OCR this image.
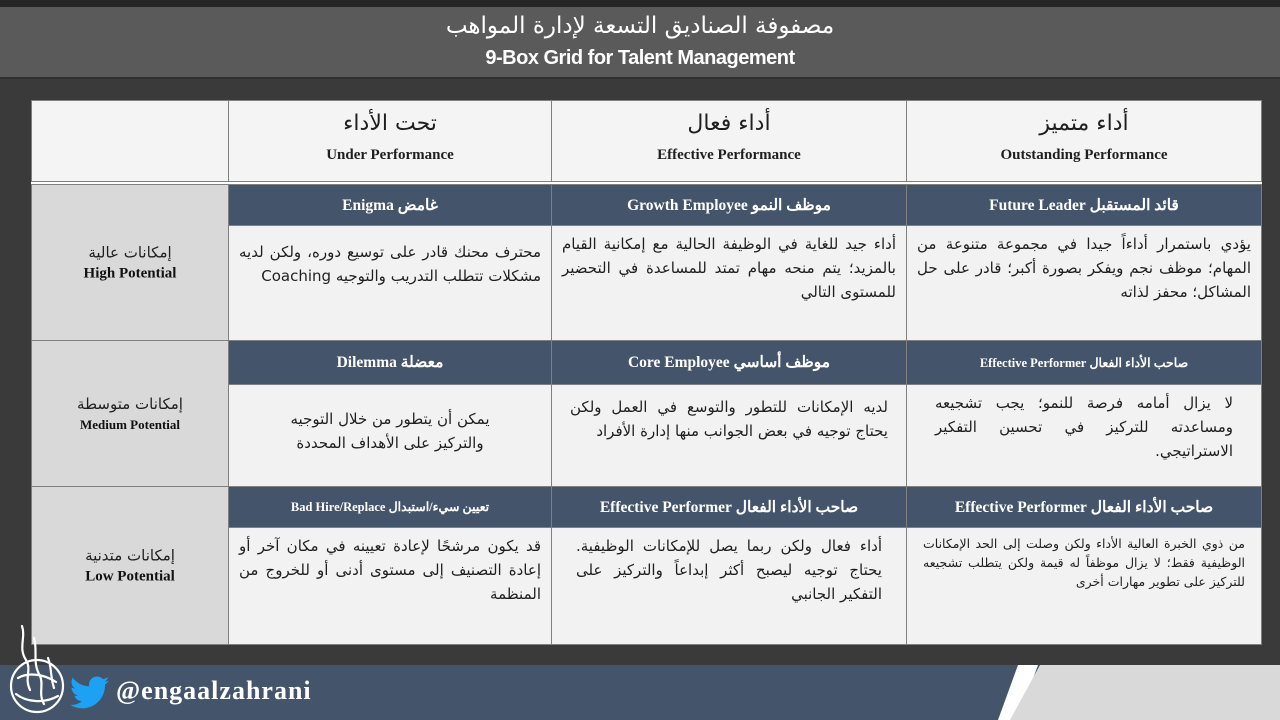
مصفوفة الصناديق التسعة لإدارة المواهب
9-Box Grid for Talent Management
تحت الأداء
Under Performance
أداء فعال
Effective Performance
أداء متميز
Outstanding Performance
إمكانات عالية
High Potential
غامض Enigma
محترف محنك قادر على توسيع دوره، ولكن لديه مشكلات تتطلب التدريب والتوجيه Coaching
موظف النمو Growth Employee
أداء جيد للغاية في الوظيفة الحالية مع إمكانية القيام بالمزيد؛ يتم منحه مهام تمتد للمساعدة في التحضير للمستوى التالي
قائد المستقبل Future Leader
يؤدي باستمرار أداءاً جيدا في مجموعة متنوعة من المهام؛ موظف نجم ويفكر بصورة أكبر؛ قادر على حل المشاكل؛ محفز لذاته
إمكانات متوسطة
Medium Potential
معضلة Dilemma
يمكن أن يتطور من خلال التوجيه والتركيز على الأهداف المحددة
موظف أساسي Core Employee
لديه الإمكانات للتطور والتوسع في العمل ولكن يحتاج توجيه في بعض الجوانب منها إدارة الأفراد
صاحب الأداء الفعال Effective Performer
لا يزال أمامه فرصة للنمو؛ يجب تشجيعه ومساعدته للتركيز في تحسين التفكير الاستراتيجي.
إمكانات متدنية
Low Potential
تعيين سيء/استبدال Bad Hire/Replace
قد يكون مرشحًا لإعادة تعيينه في مكان آخر أو إعادة التصنيف إلى مستوى أدنى أو للخروج من المنظمة
صاحب الأداء الفعال Effective Performer
أداء فعال ولكن ربما يصل للإمكانات الوظيفية. يحتاج توجيه ليصبح أكثر إبداعاً والتركيز على التفكير الجانبي
صاحب الأداء الفعال Effective Performer
من ذوي الخبرة العالية الأداء ولكن وصلت إلى الحد الإمكانات الوظيفية فقط؛ لا يزال موظفاً له قيمة ولكن يتطلب تشجيعه للتركيز على تطوير مهارات أخرى
@engaalzahrani
